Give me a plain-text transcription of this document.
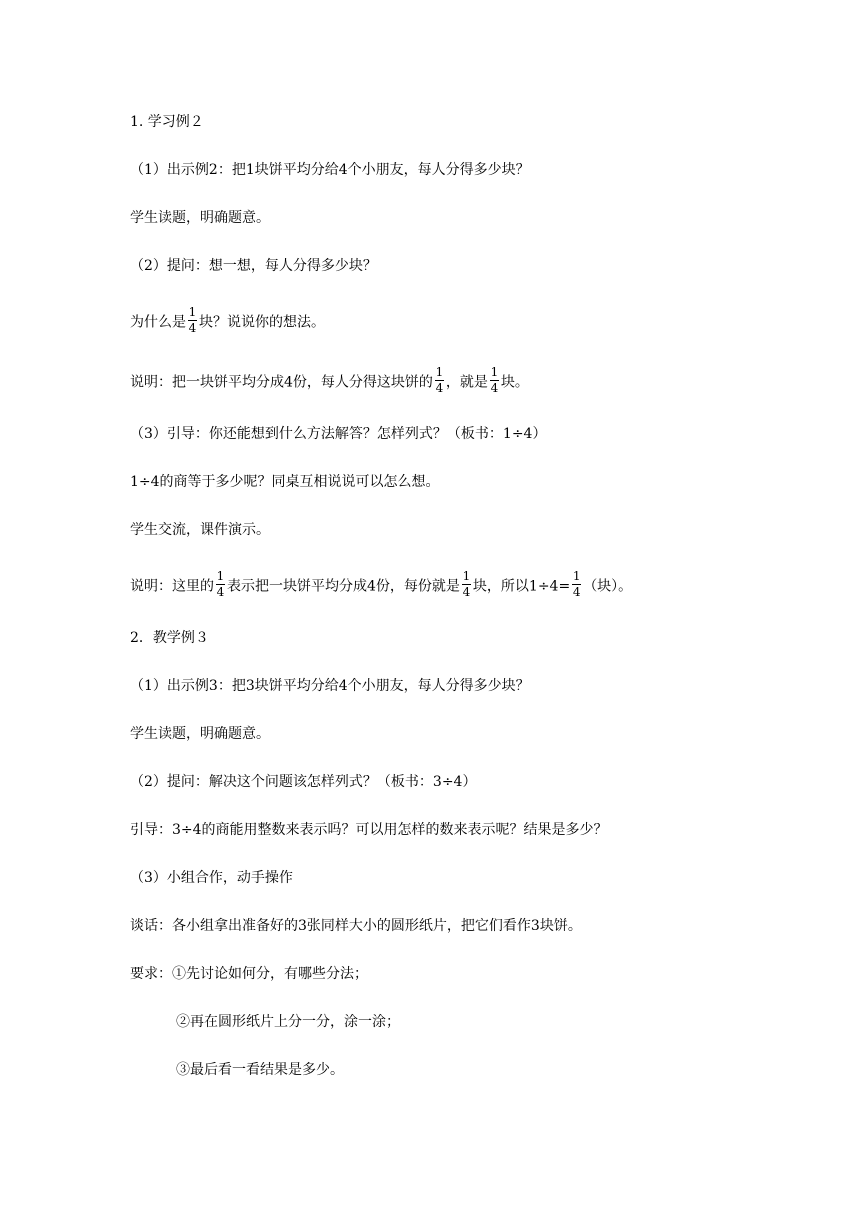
1. 学习例２
（1）出示例2：把1块饼平均分给4个小朋友，每人分得多少块？
学生读题，明确题意。
（2）提问：想一想，每人分得多少块？
为什么是 $\frac{1}{4}$ 块？说说你的想法。
说明：把一块饼平均分成4份，每人分得这块饼的 $\frac{1}{4}$ ，就是 $\frac{1}{4}$ 块。
（3）引导：你还能想到什么方法解答？怎样列式？（板书：1÷4）
1÷4的商等于多少呢？同桌互相说说可以怎么想。
学生交流，课件演示。
说明：这里的 $\frac{1}{4}$ 表示把一块饼平均分成4份，每份就是 $\frac{1}{4}$ 块，所以$1\div 4= \frac{1}{4}$ （块）。
2．教学例３
（1）出示例3：把3块饼平均分给4个小朋友，每人分得多少块？
学生读题，明确题意。
（2）提问：解决这个问题该怎样列式？（板书：3÷4）
引导：3÷4的商能用整数来表示吗？可以用怎样的数来表示呢？结果是多少？
（3）小组合作，动手操作
谈话：各小组拿出准备好的3张同样大小的圆形纸片，把它们看作3块饼。
要求：①先讨论如何分，有哪些分法；
②再在圆形纸片上分一分，涂一涂；
③最后看一看结果是多少。
